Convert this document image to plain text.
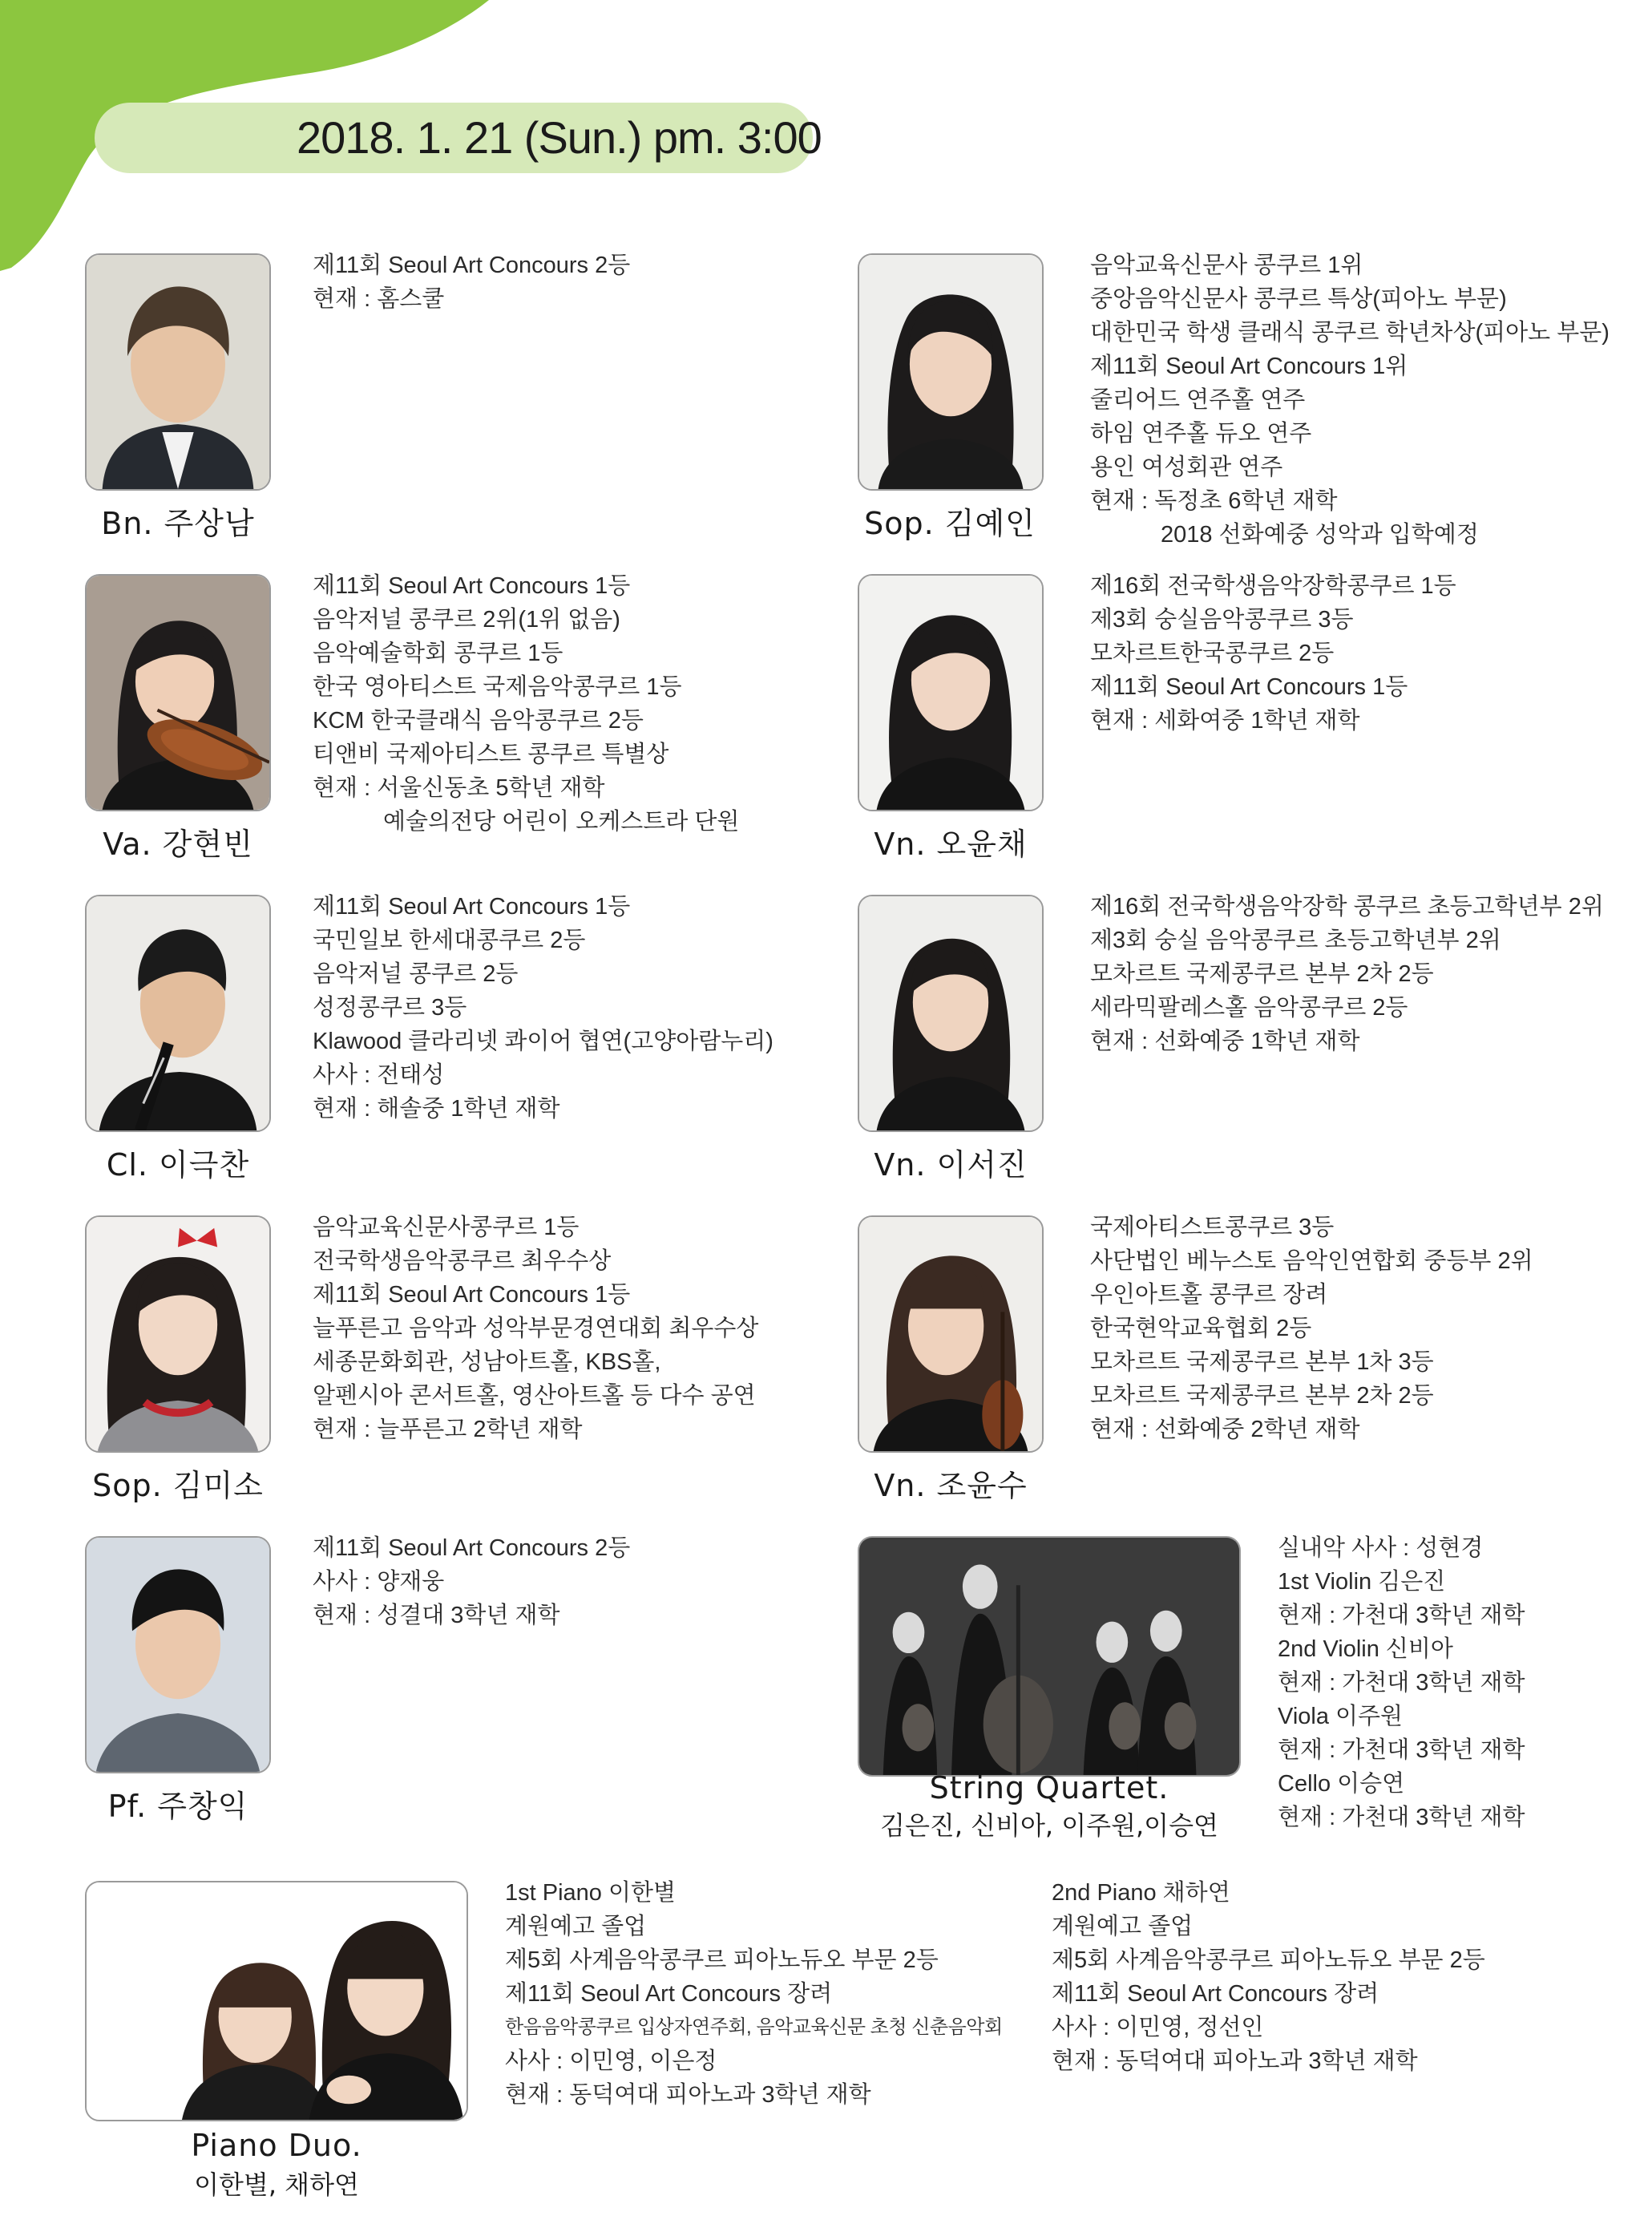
2018. 1. 21 (Sun.) pm. 3:00
Bn. 주상남
제11회 Seoul Art Concours 2등
현재 : 홈스쿨
Sop. 김예인
음악교육신문사 콩쿠르 1위
중앙음악신문사 콩쿠르 특상(피아노 부문)
대한민국 학생 클래식 콩쿠르 학년차상(피아노 부문)
제11회 Seoul Art Concours 1위
줄리어드 연주홀 연주
하임 연주홀 듀오 연주
용인 여성회관 연주
현재 : 독정초 6학년 재학
2018 선화예중 성악과 입학예정
Va. 강현빈
제11회 Seoul Art Concours 1등
음악저널 콩쿠르 2위(1위 없음)
음악예술학회 콩쿠르 1등
한국 영아티스트 국제음악콩쿠르 1등
KCM 한국클래식 음악콩쿠르 2등
티앤비 국제아티스트 콩쿠르 특별상
현재 : 서울신동초 5학년 재학
예술의전당 어린이 오케스트라 단원
Vn. 오윤채
제16회 전국학생음악장학콩쿠르 1등
제3회 숭실음악콩쿠르 3등
모차르트한국콩쿠르 2등
제11회 Seoul Art Concours 1등
현재 : 세화여중 1학년 재학
Cl. 이극찬
제11회 Seoul Art Concours 1등
국민일보 한세대콩쿠르 2등
음악저널 콩쿠르 2등
성정콩쿠르 3등
Klawood 클라리넷 콰이어 협연(고양아람누리)
사사 : 전태성
현재 : 해솔중 1학년 재학
Vn. 이서진
제16회 전국학생음악장학 콩쿠르 초등고학년부 2위
제3회 숭실 음악콩쿠르 초등고학년부 2위
모차르트 국제콩쿠르 본부 2차 2등
세라믹팔레스홀 음악콩쿠르 2등
현재 : 선화예중 1학년 재학
Sop. 김미소
음악교육신문사콩쿠르 1등
전국학생음악콩쿠르 최우수상
제11회 Seoul Art Concours 1등
늘푸른고 음악과 성악부문경연대회 최우수상
세종문화회관, 성남아트홀, KBS홀,
알펜시아 콘서트홀, 영산아트홀 등 다수 공연
현재 : 늘푸른고 2학년 재학
Vn. 조윤수
국제아티스트콩쿠르 3등
사단법인 베누스토 음악인연합회 중등부 2위
우인아트홀 콩쿠르 장려
한국현악교육협회 2등
모차르트 국제콩쿠르 본부 1차 3등
모차르트 국제콩쿠르 본부 2차 2등
현재 : 선화예중 2학년 재학
Pf. 주창익
제11회 Seoul Art Concours 2등
사사 : 양재웅
현재 : 성결대 3학년 재학
String Quartet.
김은진, 신비아, 이주원,이승연
실내악 사사 : 성현경
1st Violin 김은진
현재 : 가천대 3학년 재학
2nd Violin 신비아
현재 : 가천대 3학년 재학
Viola 이주원
현재 : 가천대 3학년 재학
Cello 이승연
현재 : 가천대 3학년 재학
Piano Duo.
이한별, 채하연
1st Piano 이한별
계원예고 졸업
제5회 사계음악콩쿠르 피아노듀오 부문 2등
제11회 Seoul Art Concours 장려
한음음악콩쿠르 입상자연주회, 음악교육신문 초청 신춘음악회
사사 : 이민영, 이은정
현재 : 동덕여대 피아노과 3학년 재학
2nd Piano 채하연
계원예고 졸업
제5회 사계음악콩쿠르 피아노듀오 부문 2등
제11회 Seoul Art Concours 장려
사사 : 이민영, 정선인
현재 : 동덕여대 피아노과 3학년 재학
